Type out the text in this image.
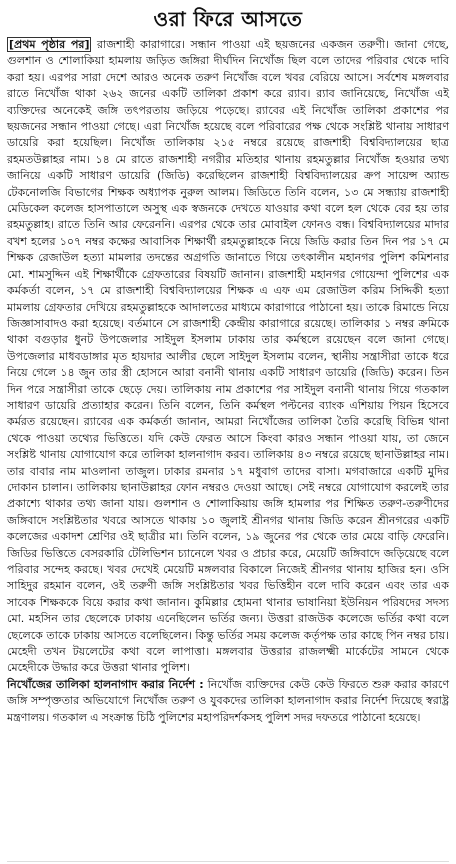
ওরা ফিরে আসতে

[প্রথম পৃষ্ঠার পর] রাজশাহী কারাগারে। সন্ধান পাওয়া এই ছয়জনের একজন তরুণী। জানা গেছে, গুলশান ও শোলাকিয়া হামলায় জড়িত জঙ্গিরা দীর্ঘদিন নিখোঁজ ছিল বলে তাদের পরিবার থেকে দাবি করা হয়। এরপর সারা দেশে আরও অনেক তরুণ নিখোঁজ বলে খবর বেরিয়ে আসে। সর্বশেষ মঙ্গলবার রাতে নিখোঁজ থাকা ২৬২ জনের একটি তালিকা প্রকাশ করে র‍্যাব। র‍্যাব জানিয়েছে, নিখোঁজ এই ব্যক্তিদের অনেকেই জঙ্গি তৎপরতায় জড়িয়ে পড়েছে। র‍্যাবের এই নিখোঁজ তালিকা প্রকাশের পর ছয়জনের সন্ধান পাওয়া গেছে। এরা নিখোঁজ হয়েছে বলে পরিবারের পক্ষ থেকে সংশ্লিষ্ট থানায় সাধারণ ডায়েরি করা হয়েছিল। নিখোঁজ তালিকায় ২১৫ নম্বরে রয়েছে রাজশাহী বিশ্ববিদ্যালয়ের ছাত্র রহমতউল্লাহর নাম। ১৪ মে রাতে রাজশাহী নগরীর মতিহার থানায় রহমতুল্লার নিখোঁজ হওয়ার তথ্য জানিয়ে একটি সাধারণ ডায়েরি (জিডি) করেছিলেন রাজশাহী বিশ্ববিদ্যালয়ের ক্রপ সায়েন্স অ্যান্ড টেকনোলজি বিভাগের শিক্ষক অধ্যাপক নুরুল আলম। জিডিতে তিনি বলেন, ১৩ মে সন্ধ্যায় রাজশাহী মেডিকেল কলেজ হাসপাতালে অসুস্থ এক স্বজনকে দেখতে যাওয়ার কথা বলে হল থেকে বের হয় তার রহমতুল্লাহ। রাতে তিনি আর ফেরেননি। এরপর থেকে তার মোবাইল ফোনও বন্ধ। বিশ্ববিদ্যালয়ের মাদার বখশ হলের ১০৭ নম্বর কক্ষের আবাসিক শিক্ষার্থী রহমতুল্লাহকে নিয়ে জিডি করার তিন দিন পর ১৭ মে শিক্ষক রেজাউল হত্যা মামলার তদন্তের অগ্রগতি জানাতে গিয়ে তৎকালীন মহানগর পুলিশ কমিশনার মো. শামসুদ্দিন এই শিক্ষার্থীকে গ্রেফতারের বিষয়টি জানান। রাজশাহী মহানগর গোয়েন্দা পুলিশের এক কর্মকর্তা বলেন, ১৭ মে রাজশাহী বিশ্ববিদ্যালয়ের শিক্ষক এ এফ এম রেজাউল করিম সিদ্দিকী হত্যা মামলায় গ্রেফতার দেখিয়ে রহমতুল্লাহকে আদালতের মাধ্যমে কারাগারে পাঠানো হয়। তাকে রিমান্ডে নিয়ে জিজ্ঞাসাবাদও করা হয়েছে। বর্তমানে সে রাজশাহী কেন্দ্রীয় কারাগারে রয়েছে। তালিকার ১ নম্বর ক্রমিকে থাকা বগুড়ার ধুনট উপজেলার সাইদুল ইসলাম ঢাকায় তার কর্মস্থলে রয়েছেন বলে জানা গেছে। উপজেলার মাধবডাঙ্গার মৃত হায়দার আলীর ছেলে সাইদুল ইসলাম বলেন, স্থানীয় সন্ত্রাসীরা তাকে ধরে নিয়ে গেলে ১৪ জুন তার স্ত্রী হোসনে আরা বনানী থানায় একটি সাধারণ ডায়েরি (জিডি) করেন। তিন দিন পরে সন্ত্রাসীরা তাকে ছেড়ে দেয়। তালিকায় নাম প্রকাশের পর সাইদুল বনানী থানায় গিয়ে গতকাল সাধারণ ডায়েরি প্রত্যাহার করেন। তিনি বলেন, তিনি কর্মস্থল পল্টনের ব্যাংক এশিয়ায় পিয়ন হিসেবে কর্মরত রয়েছেন। র‍্যাবের এক কর্মকর্তা জানান, আমরা নিখোঁজের তালিকা তৈরি করেছি বিভিন্ন থানা থেকে পাওয়া তথ্যের ভিত্তিতে। যদি কেউ ফেরত আসে কিংবা কারও সন্ধান পাওয়া যায়, তা জেনে সংশ্লিষ্ট থানায় যোগাযোগ করে তালিকা হালনাগাদ করব। তালিকায় ৪৩ নম্বরে রয়েছে ছানাউল্লাহর নাম। তার বাবার নাম মাওলানা তাজুল। ঢাকার রমনার ১৭ মধুবাগ তাদের বাসা। মগবাজারে একটি মুদির দোকান চালান। তালিকায় ছানাউল্লাহর ফোন নম্বরও দেওয়া আছে। সেই নম্বরে যোগাযোগ করলেই তার প্রকাশ্যে থাকার তথ্য জানা যায়। গুলশান ও শোলাকিয়ায় জঙ্গি হামলার পর শিক্ষিত তরুণ-তরুণীদের জঙ্গিবাদে সংশ্লিষ্টতার খবরে আসতে থাকায় ১০ জুলাই শ্রীনগর থানায় জিডি করেন শ্রীনগরের একটি কলেজের একাদশ শ্রেণির ওই ছাত্রীর মা। তিনি বলেন, ১৯ জুনের পর থেকে তার মেয়ে বাড়ি ফেরেনি। জিডির ভিত্তিতে বেসরকারি টেলিভিশন চ্যানেলে খবর ও প্রচার করে, মেয়েটি জঙ্গিবাদে জড়িয়েছে বলে পরিবার সন্দেহ করছে। খবর দেখেই মেয়েটি মঙ্গলবার বিকালে নিজেই শ্রীনগর থানায় হাজির হন। ওসি সাহিদুর রহমান বলেন, ওই তরুণী জঙ্গি সংশ্লিষ্টতার খবর ভিত্তিহীন বলে দাবি করেন এবং তার এক সাবেক শিক্ষককে বিয়ে করার কথা জানান। কুমিল্লার হোমনা থানার ভাষানিয়া ইউনিয়ন পরিষদের সদস্য মো. মহসিন তার ছেলেকে ঢাকায় এনেছিলেন ভর্তির জন্য। উত্তরা রাজউক কলেজে ভর্তির কথা বলে ছেলেকে তাকে ঢাকায় আসতে বলেছিলেন। কিন্তু ভর্তির সময় কলেজ কর্তৃপক্ষ তার কাছে পিন নম্বর চায়। মেহেদী তখন টয়লেটের কথা বলে লাপাত্তা। মঙ্গলবার উত্তরার রাজলক্ষ্মী মার্কেটের সামনে থেকে মেহেদীকে উদ্ধার করে উত্তরা থানার পুলিশ।

নিখোঁজের তালিকা হালনাগাদ করার নির্দেশ : নিখোঁজ ব্যক্তিদের কেউ কেউ ফিরতে শুরু করার কারণে জঙ্গি সম্পৃক্ততার অভিযোগে নিখোঁজ তরুণ ও যুবকদের তালিকা হালনাগাদ করার নির্দেশ দিয়েছে স্বরাষ্ট্র মন্ত্রণালয়। গতকাল এ সংক্রান্ত চিঠি পুলিশের মহাপরিদর্শকসহ পুলিশ সদর দফতরে পাঠানো হয়েছে।
